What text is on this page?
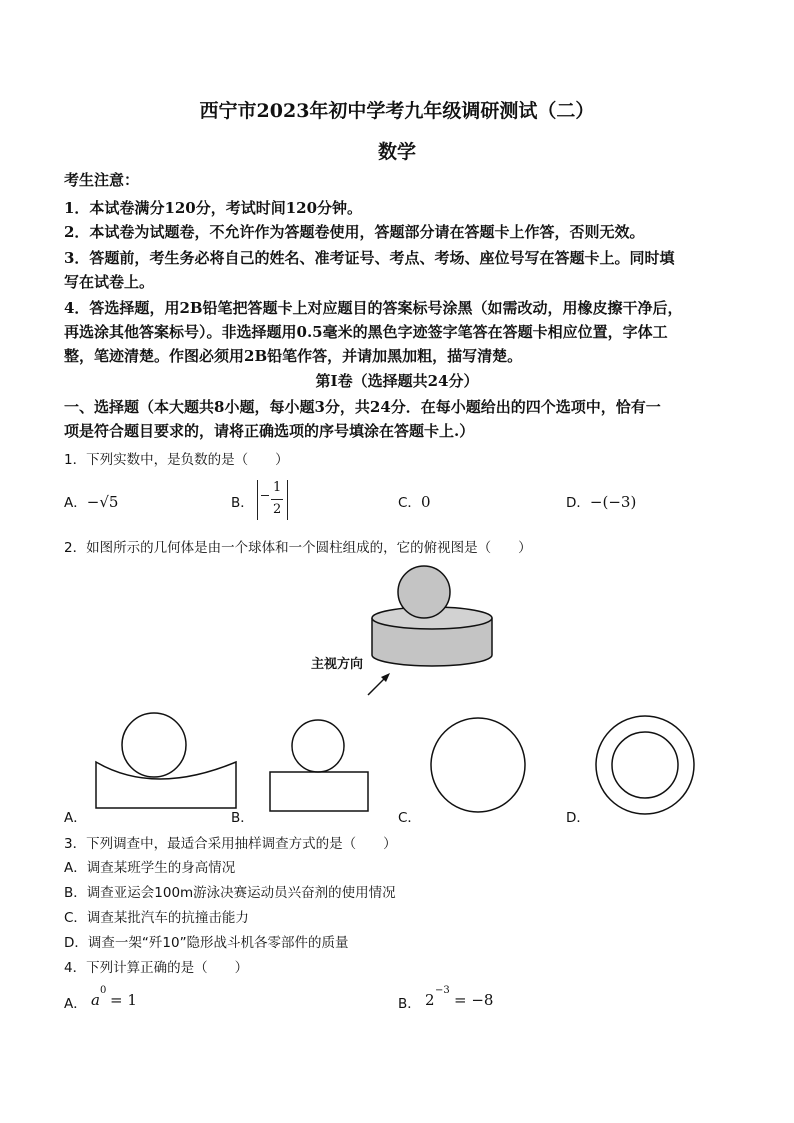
西宁市2023年初中学考九年级调研测试（二）
数学
考生注意：
1．本试卷满分120分，考试时间120分钟。
2．本试卷为试题卷，不允许作为答题卷使用，答题部分请在答题卡上作答，否则无效。
3．答题前，考生务必将自己的姓名、准考证号、考点、考场、座位号写在答题卡上。同时填
写在试卷上。
4．答选择题，用2B铅笔把答题卡上对应题目的答案标号涂黑（如需改动，用橡皮擦干净后，
再选涂其他答案标号）。非选择题用0.5毫米的黑色字迹签字笔答在答题卡相应位置，字体工
整，笔迹清楚。作图必须用2B铅笔作答，并请加黑加粗，描写清楚。
第Ⅰ卷（选择题共24分）
一、选择题（本大题共8小题，每小题3分，共24分．在每小题给出的四个选项中，恰有一
项是符合题目要求的，请将正确选项的序号填涂在答题卡上.）
1．下列实数中，是负数的是（　　）
A．−√5	B．
1
2	C．0	D．−(−3)
2．如图所示的几何体是由一个球体和一个圆柱组成的，它的俯视图是（　　）
主视方向
A．	B．	C．	D．
3．下列调查中，最适合采用抽样调查方式的是（　　）
A．调查某班学生的身高情况
B．调查亚运会100m游泳决赛运动员兴奋剂的使用情况
C．调查某批汽车的抗撞击能力
D．调查一架“歼10”隐形战斗机各零部件的质量
4．下列计算正确的是（　　）
A． a
0
= 1	B． 2
−3
= −8
